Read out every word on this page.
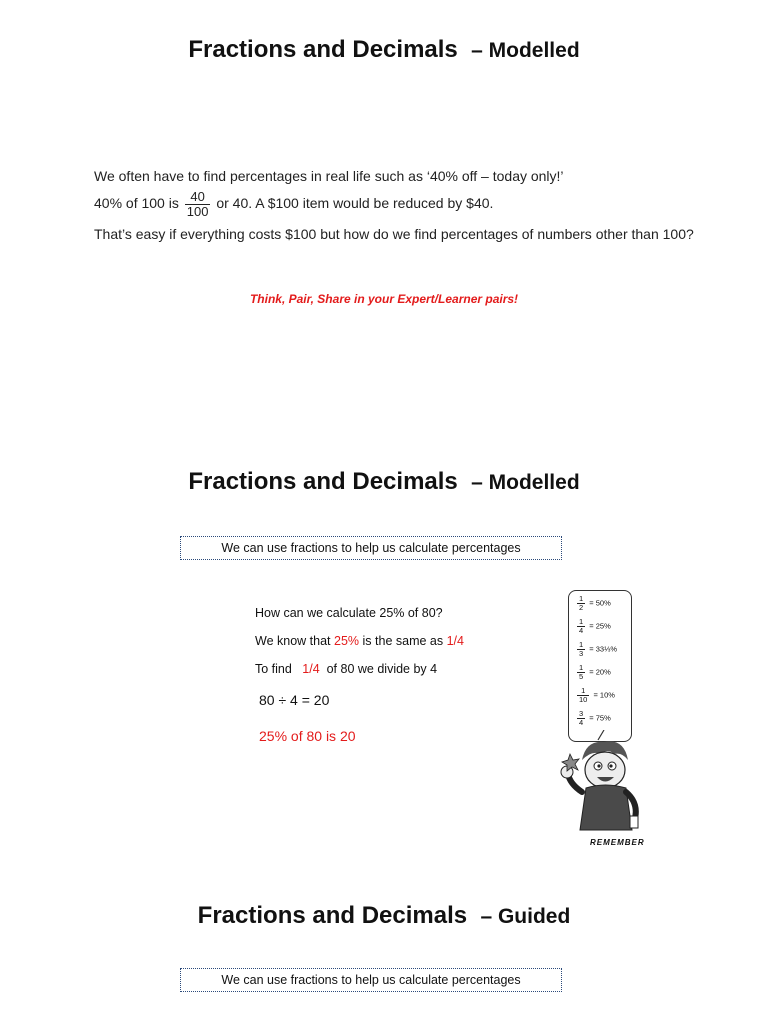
Fractions and Decimals – Modelled
We often have to find percentages in real life such as ‘40% off – today only!’
40% of 100 is $\frac{40}{100}$ or 40. A $100 item would be reduced by $40.
That’s easy if everything costs $100 but how do we find percentages of numbers other than 100?
Think, Pair, Share in your Expert/Learner pairs!
Fractions and Decimals – Modelled
We can use fractions to help us calculate percentages
How can we calculate 25% of 80?
We know that 25% is the same as 1/4
To find 1/4 of 80 we divide by 4
80 ÷ 4 = 20
25% of 80 is 20
$\frac{1}{2} = 50\%$
$\frac{1}{4} = 25\%$
$\frac{1}{3}$ = 33⅓%
$\frac{1}{5} = 20\%$
$\frac{1}{10} = 10\%$
$\frac{3}{4} = 75\%$
REMEMBER
Fractions and Decimals – Guided
We can use fractions to help us calculate percentages
